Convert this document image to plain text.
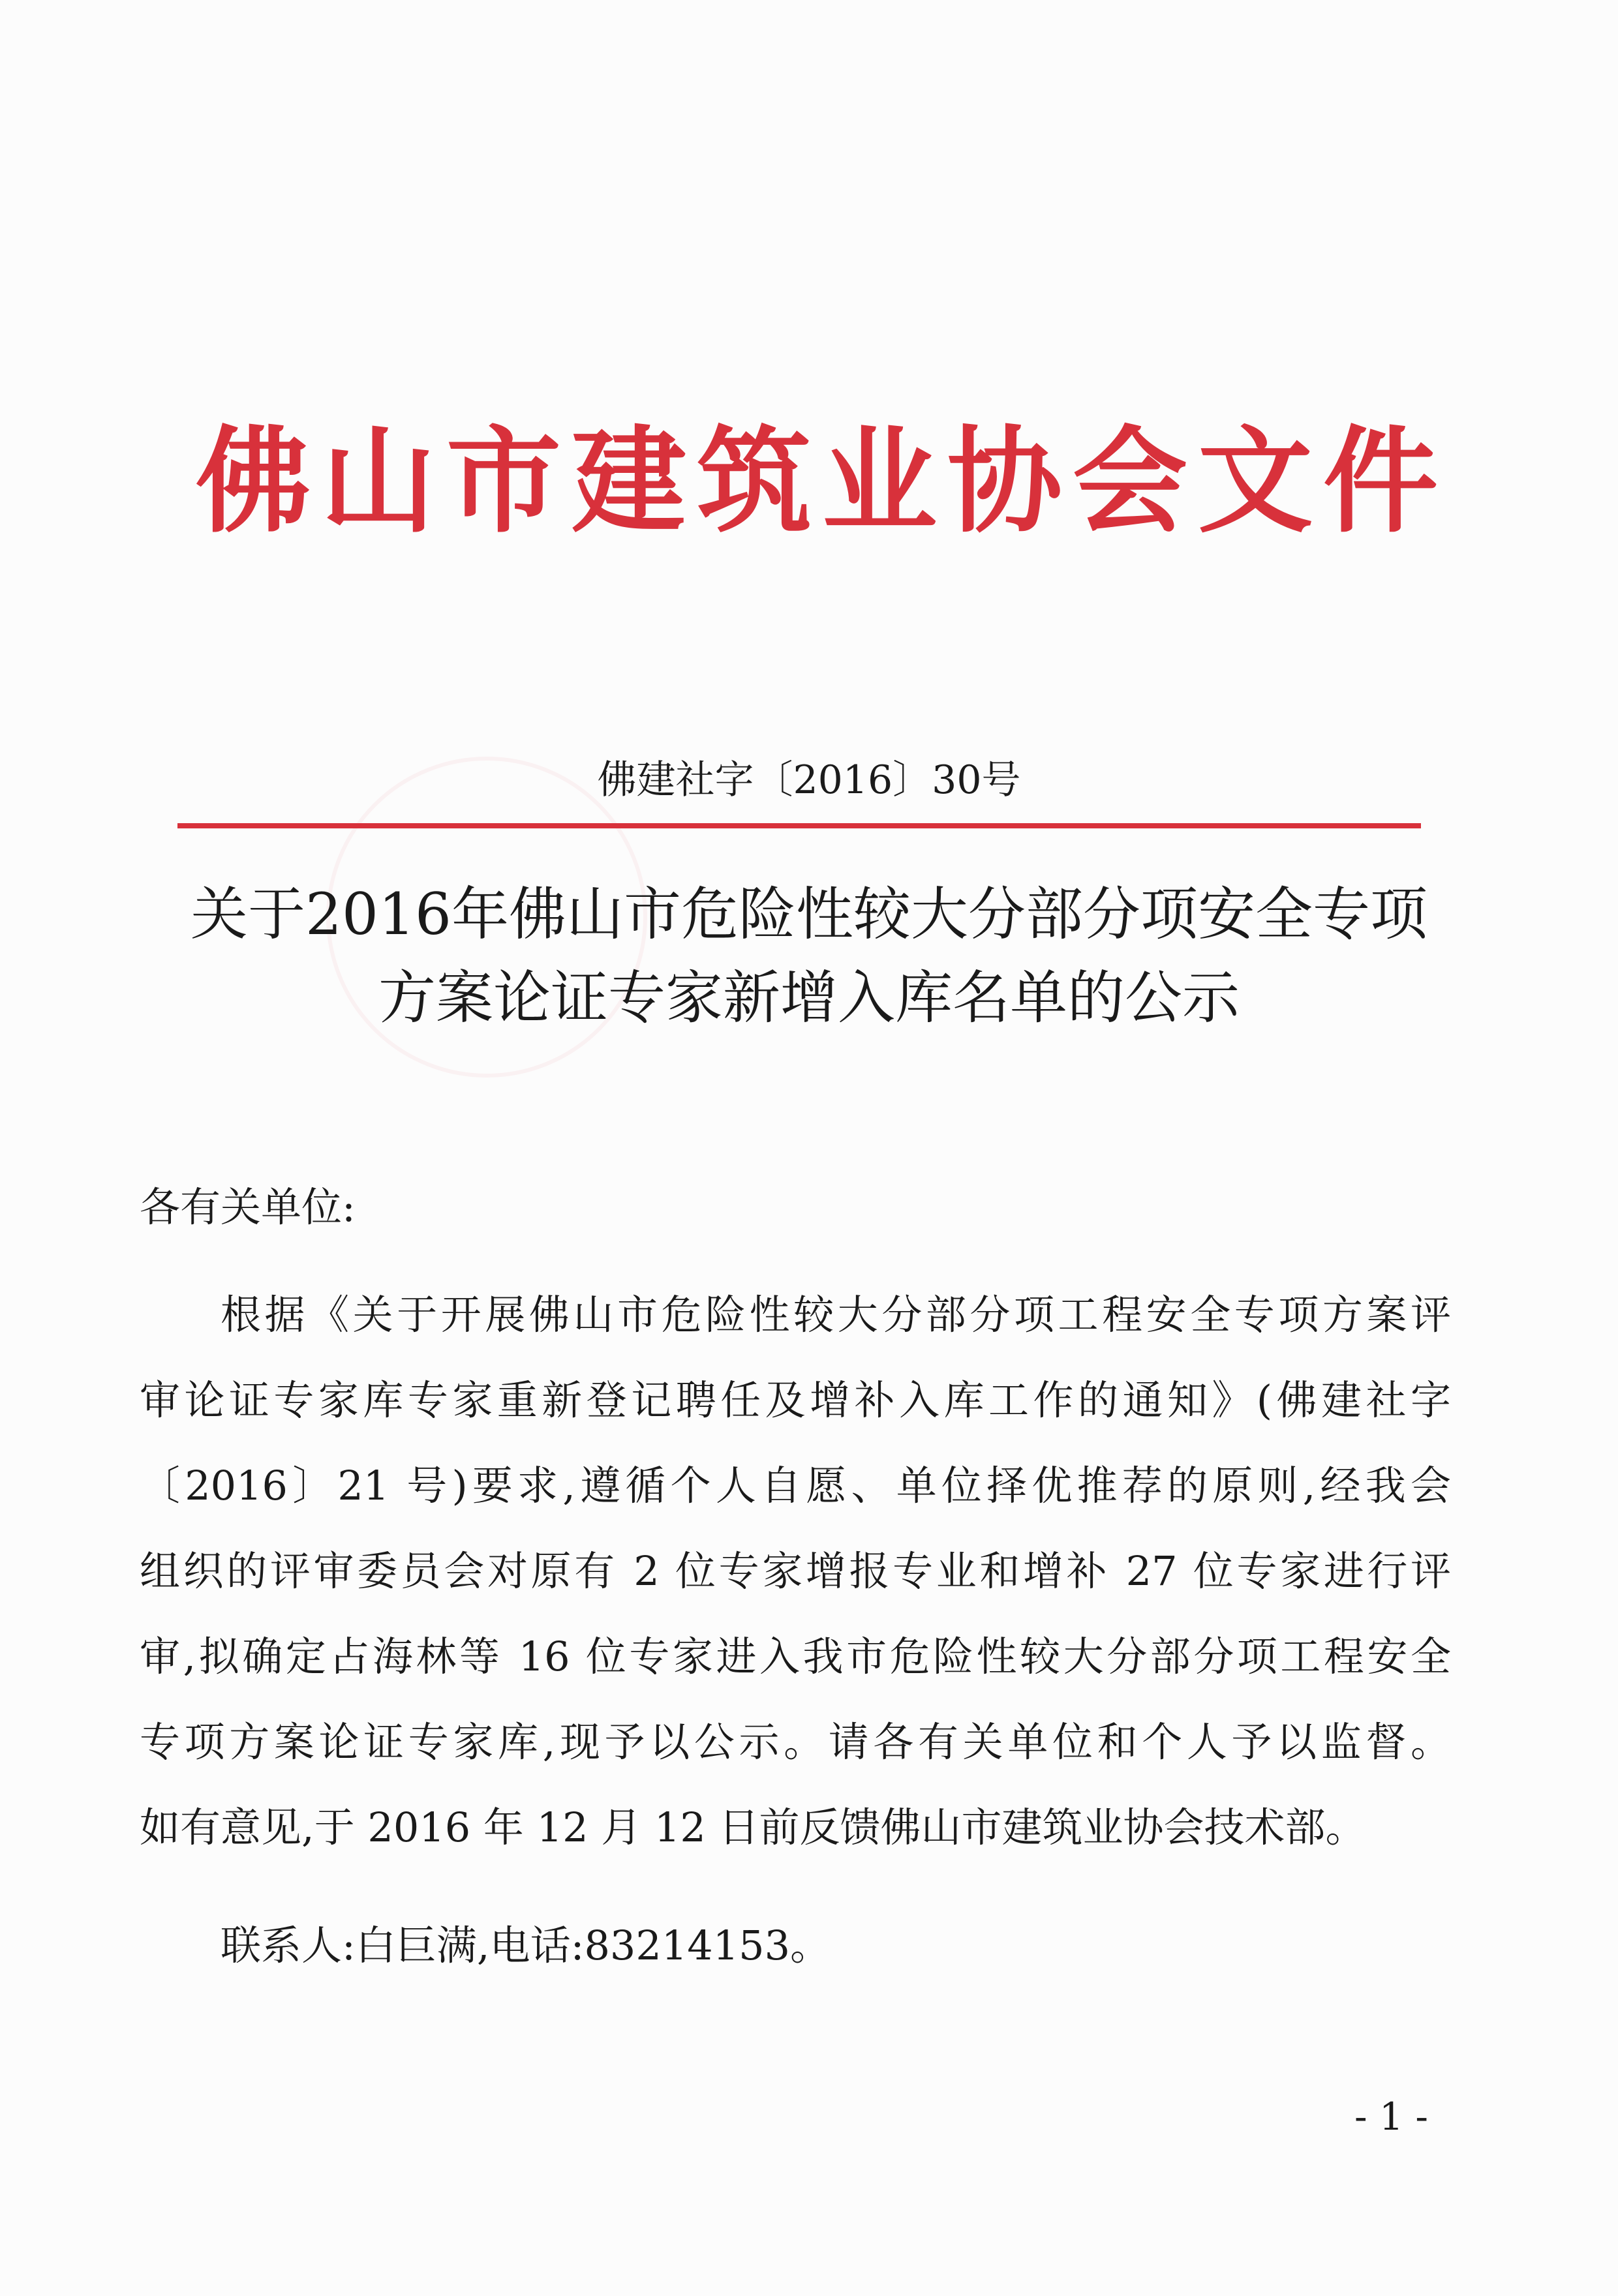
佛山市建筑业协会文件
佛建社字〔2016〕30号
关于2016年佛山市危险性较大分部分项安全专项
方案论证专家新增入库名单的公示
各有关单位:
根据《关于开展佛山市危险性较大分部分项工程安全专项方案评
审论证专家库专家重新登记聘任及增补入库工作的通知》(佛建社字
〔2016〕21 号)要求,遵循个人自愿、单位择优推荐的原则,经我会
组织的评审委员会对原有 2 位专家增报专业和增补 27 位专家进行评
审,拟确定占海林等 16 位专家进入我市危险性较大分部分项工程安全
专项方案论证专家库,现予以公示。请各有关单位和个人予以监督。
如有意见,于 2016 年 12 月 12 日前反馈佛山市建筑业协会技术部。
联系人:白巨满,电话:83214153。
- 1 -
